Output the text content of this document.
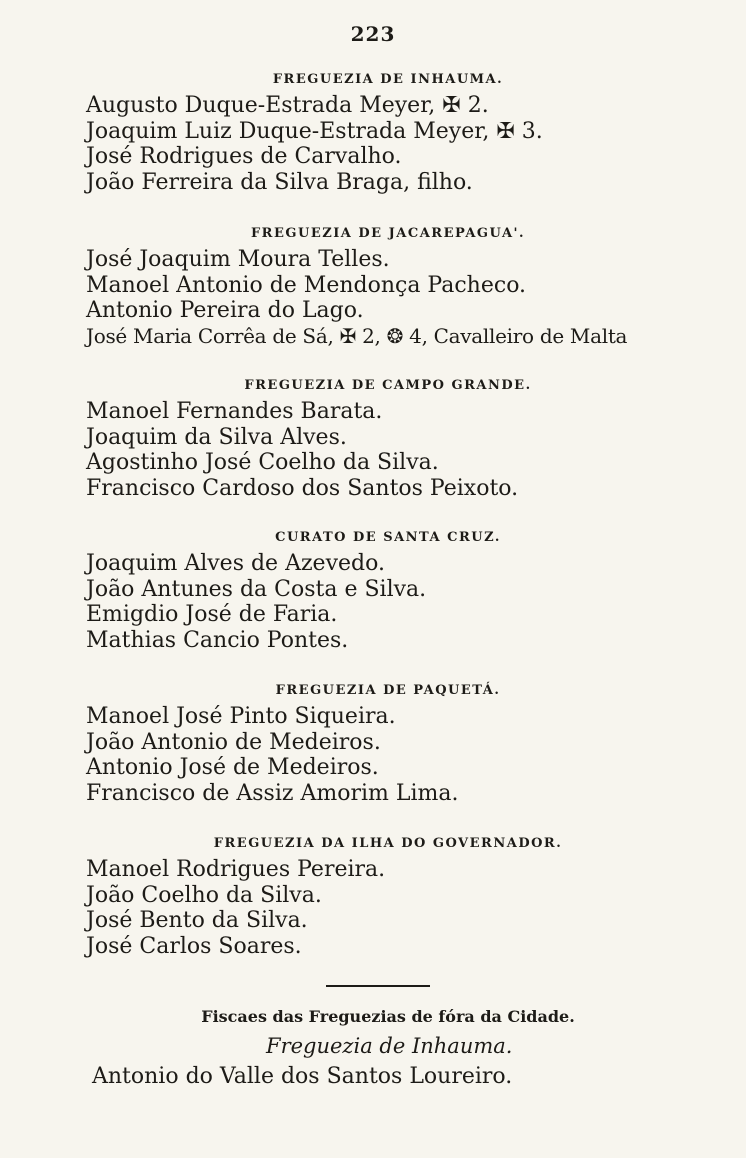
223
FREGUEZIA DE INHAUMA.
Augusto Duque-Estrada Meyer, ✠ 2.
Joaquim Luiz Duque-Estrada Meyer, ✠ 3.
José Rodrigues de Carvalho.
João Ferreira da Silva Braga, filho.
FREGUEZIA DE JACAREPAGUA'.
José Joaquim Moura Telles.
Manoel Antonio de Mendonça Pacheco.
Antonio Pereira do Lago.
José Maria Corrêa de Sá, ✠ 2, ❂ 4, Cavalleiro de Malta
FREGUEZIA DE CAMPO GRANDE.
Manoel Fernandes Barata.
Joaquim da Silva Alves.
Agostinho José Coelho da Silva.
Francisco Cardoso dos Santos Peixoto.
CURATO DE SANTA CRUZ.
Joaquim Alves de Azevedo.
João Antunes da Costa e Silva.
Emigdio José de Faria.
Mathias Cancio Pontes.
FREGUEZIA DE PAQUETÁ.
Manoel José Pinto Siqueira.
João Antonio de Medeiros.
Antonio José de Medeiros.
Francisco de Assiz Amorim Lima.
FREGUEZIA DA ILHA DO GOVERNADOR.
Manoel Rodrigues Pereira.
João Coelho da Silva.
José Bento da Silva.
José Carlos Soares.
Fiscaes das Freguezias de fóra da Cidade.
Freguezia de Inhauma.
Antonio do Valle dos Santos Loureiro.
